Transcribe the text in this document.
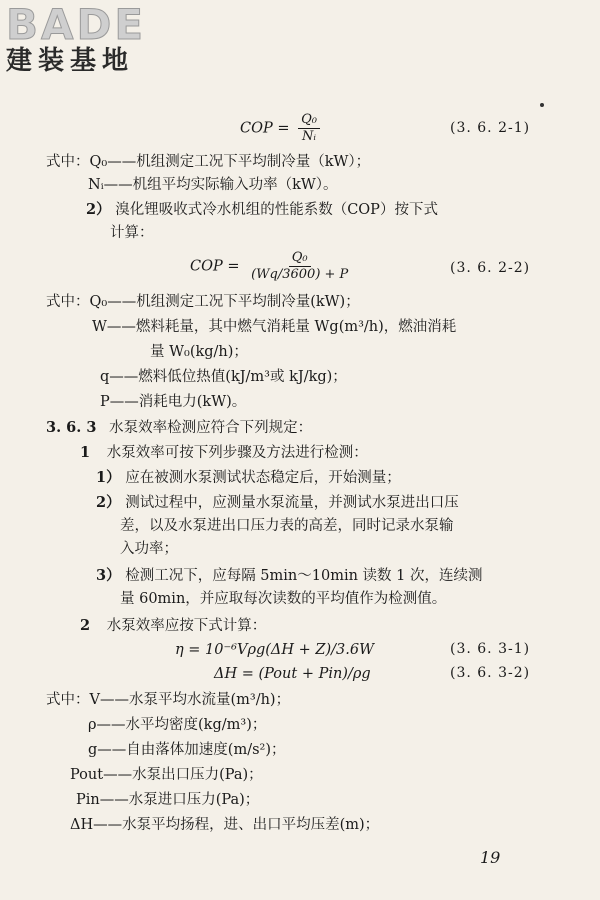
BADE
建装基地
COP = $\frac{\text{Q₀}}{\text{Nᵢ}}$	(3. 6. 2-1)
式中：Q₀——机组测定工况下平均制冷量（kW）；
Nᵢ——机组平均实际输入功率（kW）。
2） 溴化锂吸收式冷水机组的性能系数（COP）按下式
计算：
COP = $\frac{\text{Q₀}}{(Wq/3600) + P}$	(3. 6. 2-2)
式中：Q₀——机组测定工况下平均制冷量(kW)；
W——燃料耗量，其中燃气消耗量 Wg(m³/h)，燃油消耗
量 W₀(kg/h)；
q——燃料低位热值(kJ/m³或 kJ/kg)；
P——消耗电力(kW)。
3. 6. 3 水泵效率检测应符合下列规定：
1 水泵效率可按下列步骤及方法进行检测：
1） 应在被测水泵测试状态稳定后，开始测量；
2） 测试过程中，应测量水泵流量，并测试水泵进出口压
差，以及水泵进出口压力表的高差，同时记录水泵输
入功率；
3） 检测工况下，应每隔 5min～10min 读数 1 次，连续测
量 60min，并应取每次读数的平均值作为检测值。
2 水泵效率应按下式计算：
η = 10⁻⁶Vρg(ΔH + Z)/3.6W	(3. 6. 3-1)
ΔH = (Pout + Pin)/ρg	(3. 6. 3-2)
式中：V——水泵平均水流量(m³/h)；
ρ——水平均密度(kg/m³)；
g——自由落体加速度(m/s²)；
Pout——水泵出口压力(Pa)；
Pin——水泵进口压力(Pa)；
ΔH——水泵平均扬程，进、出口平均压差(m)；
19
